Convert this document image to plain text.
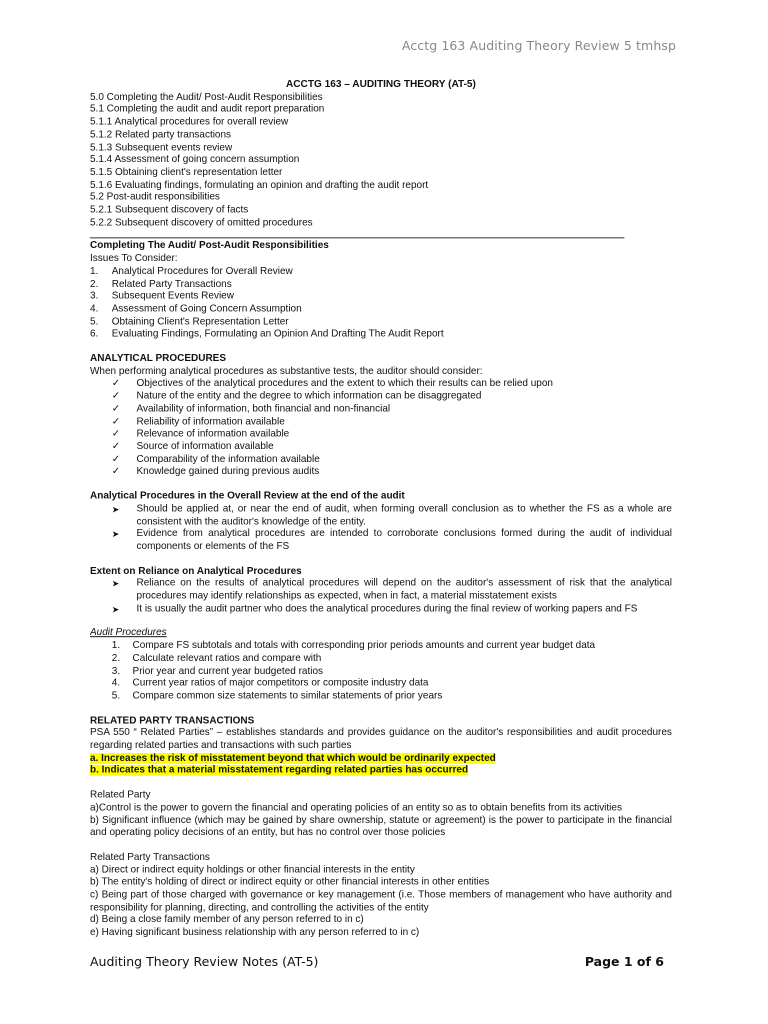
Acctg 163 Auditing Theory Review 5 tmhsp
ACCTG 163 – AUDITING THEORY (AT-5)
5.0 Completing the Audit/ Post-Audit Responsibilities
5.1 Completing the audit and audit report preparation
5.1.1 Analytical procedures for overall review
5.1.2 Related party transactions
5.1.3 Subsequent events review
5.1.4 Assessment of going concern assumption
5.1.5 Obtaining client's representation letter
5.1.6 Evaluating findings, formulating an opinion and drafting the audit report
5.2 Post-audit responsibilities
5.2.1 Subsequent discovery of facts
5.2.2 Subsequent discovery of omitted procedures
Completing The Audit/ Post-Audit Responsibilities
Issues To Consider:
1. Analytical Procedures for Overall Review
2. Related Party Transactions
3. Subsequent Events Review
4. Assessment of Going Concern Assumption
5. Obtaining Client's Representation Letter
6. Evaluating Findings, Formulating an Opinion And Drafting The Audit Report
ANALYTICAL PROCEDURES
When performing analytical procedures as substantive tests, the auditor should consider:
✓ Objectives of the analytical procedures and the extent to which their results can be relied upon
✓ Nature of the entity and the degree to which information can be disaggregated
✓ Availability of information, both financial and non-financial
✓ Reliability of information available
✓ Relevance of information available
✓ Source of information available
✓ Comparability of the information available
✓ Knowledge gained during previous audits
Analytical Procedures in the Overall Review at the end of the audit
➤ Should be applied at, or near the end of audit, when forming overall conclusion as to whether the FS as a whole are consistent with the auditor's knowledge of the entity.
➤ Evidence from analytical procedures are intended to corroborate conclusions formed during the audit of individual components or elements of the FS
Extent on Reliance on Analytical Procedures
➤ Reliance on the results of analytical procedures will depend on the auditor's assessment of risk that the analytical procedures may identify relationships as expected, when in fact, a material misstatement exists
➤ It is usually the audit partner who does the analytical procedures during the final review of working papers and FS
Audit Procedures
1. Compare FS subtotals and totals with corresponding prior periods amounts and current year budget data
2. Calculate relevant ratios and compare with
3. Prior year and current year budgeted ratios
4. Current year ratios of major competitors or composite industry data
5. Compare common size statements to similar statements of prior years
RELATED PARTY TRANSACTIONS
PSA 550 “ Related Parties” – establishes standards and provides guidance on the auditor's responsibilities and audit procedures regarding related parties and transactions with such parties
a. Increases the risk of misstatement beyond that which would be ordinarily expected
b. Indicates that a material misstatement regarding related parties has occurred
Related Party
a)Control is the power to govern the financial and operating policies of an entity so as to obtain benefits from its activities
b) Significant influence (which may be gained by share ownership, statute or agreement) is the power to participate in the financial and operating policy decisions of an entity, but has no control over those policies
Related Party Transactions
a) Direct or indirect equity holdings or other financial interests in the entity
b) The entity's holding of direct or indirect equity or other financial interests in other entities
c) Being part of those charged with governance or key management (i.e. Those members of management who have authority and responsibility for planning, directing, and controlling the activities of the entity
d) Being a close family member of any person referred to in c)
e) Having significant business relationship with any person referred to in c)
Auditing Theory Review Notes (AT-5)	Page 1 of 6
